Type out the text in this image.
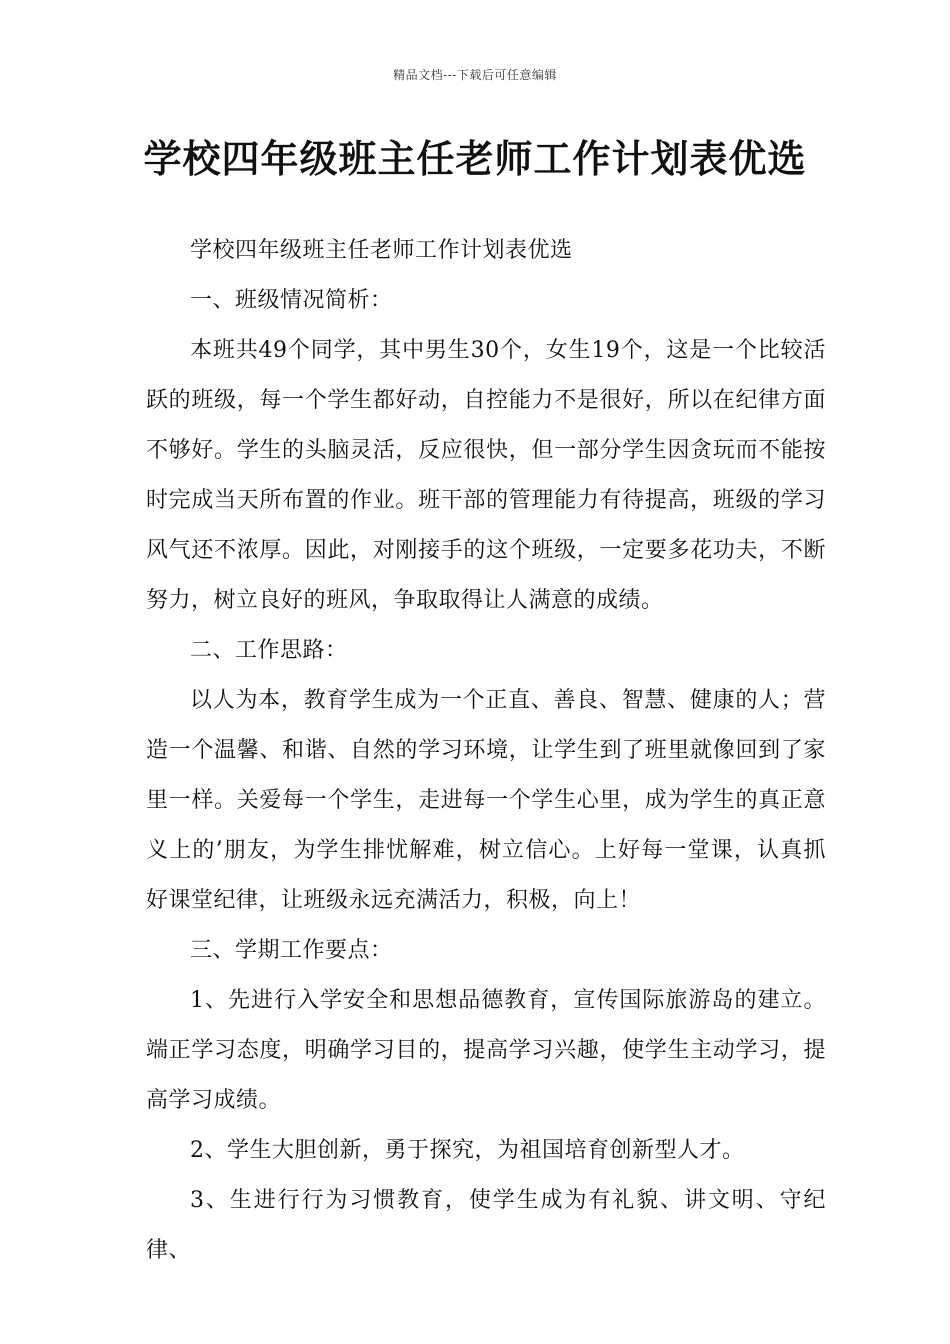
精品文档---下载后可任意编辑
学校四年级班主任老师工作计划表优选

学校四年级班主任老师工作计划表优选

一、班级情况简析：

本班共49个同学，其中男生30个，女生19个，这是一个比较活跃的班级，每一个学生都好动，自控能力不是很好，所以在纪律方面不够好。学生的头脑灵活，反应很快，但一部分学生因贪玩而不能按时完成当天所布置的作业。班干部的管理能力有待提高，班级的学习风气还不浓厚。因此，对刚接手的这个班级，一定要多花功夫，不断努力，树立良好的班风，争取取得让人满意的成绩。

二、工作思路：

以人为本，教育学生成为一个正直、善良、智慧、健康的人；营造一个温馨、和谐、自然的学习环境，让学生到了班里就像回到了家里一样。关爱每一个学生，走进每一个学生心里，成为学生的真正意义上的’朋友，为学生排忧解难，树立信心。上好每一堂课，认真抓好课堂纪律，让班级永远充满活力，积极，向上！

三、学期工作要点：

1、先进行入学安全和思想品德教育，宣传国际旅游岛的建立。端正学习态度，明确学习目的，提高学习兴趣，使学生主动学习，提高学习成绩。

2、学生大胆创新，勇于探究，为祖国培育创新型人才。

3、生进行行为习惯教育，使学生成为有礼貌、讲文明、守纪律、
